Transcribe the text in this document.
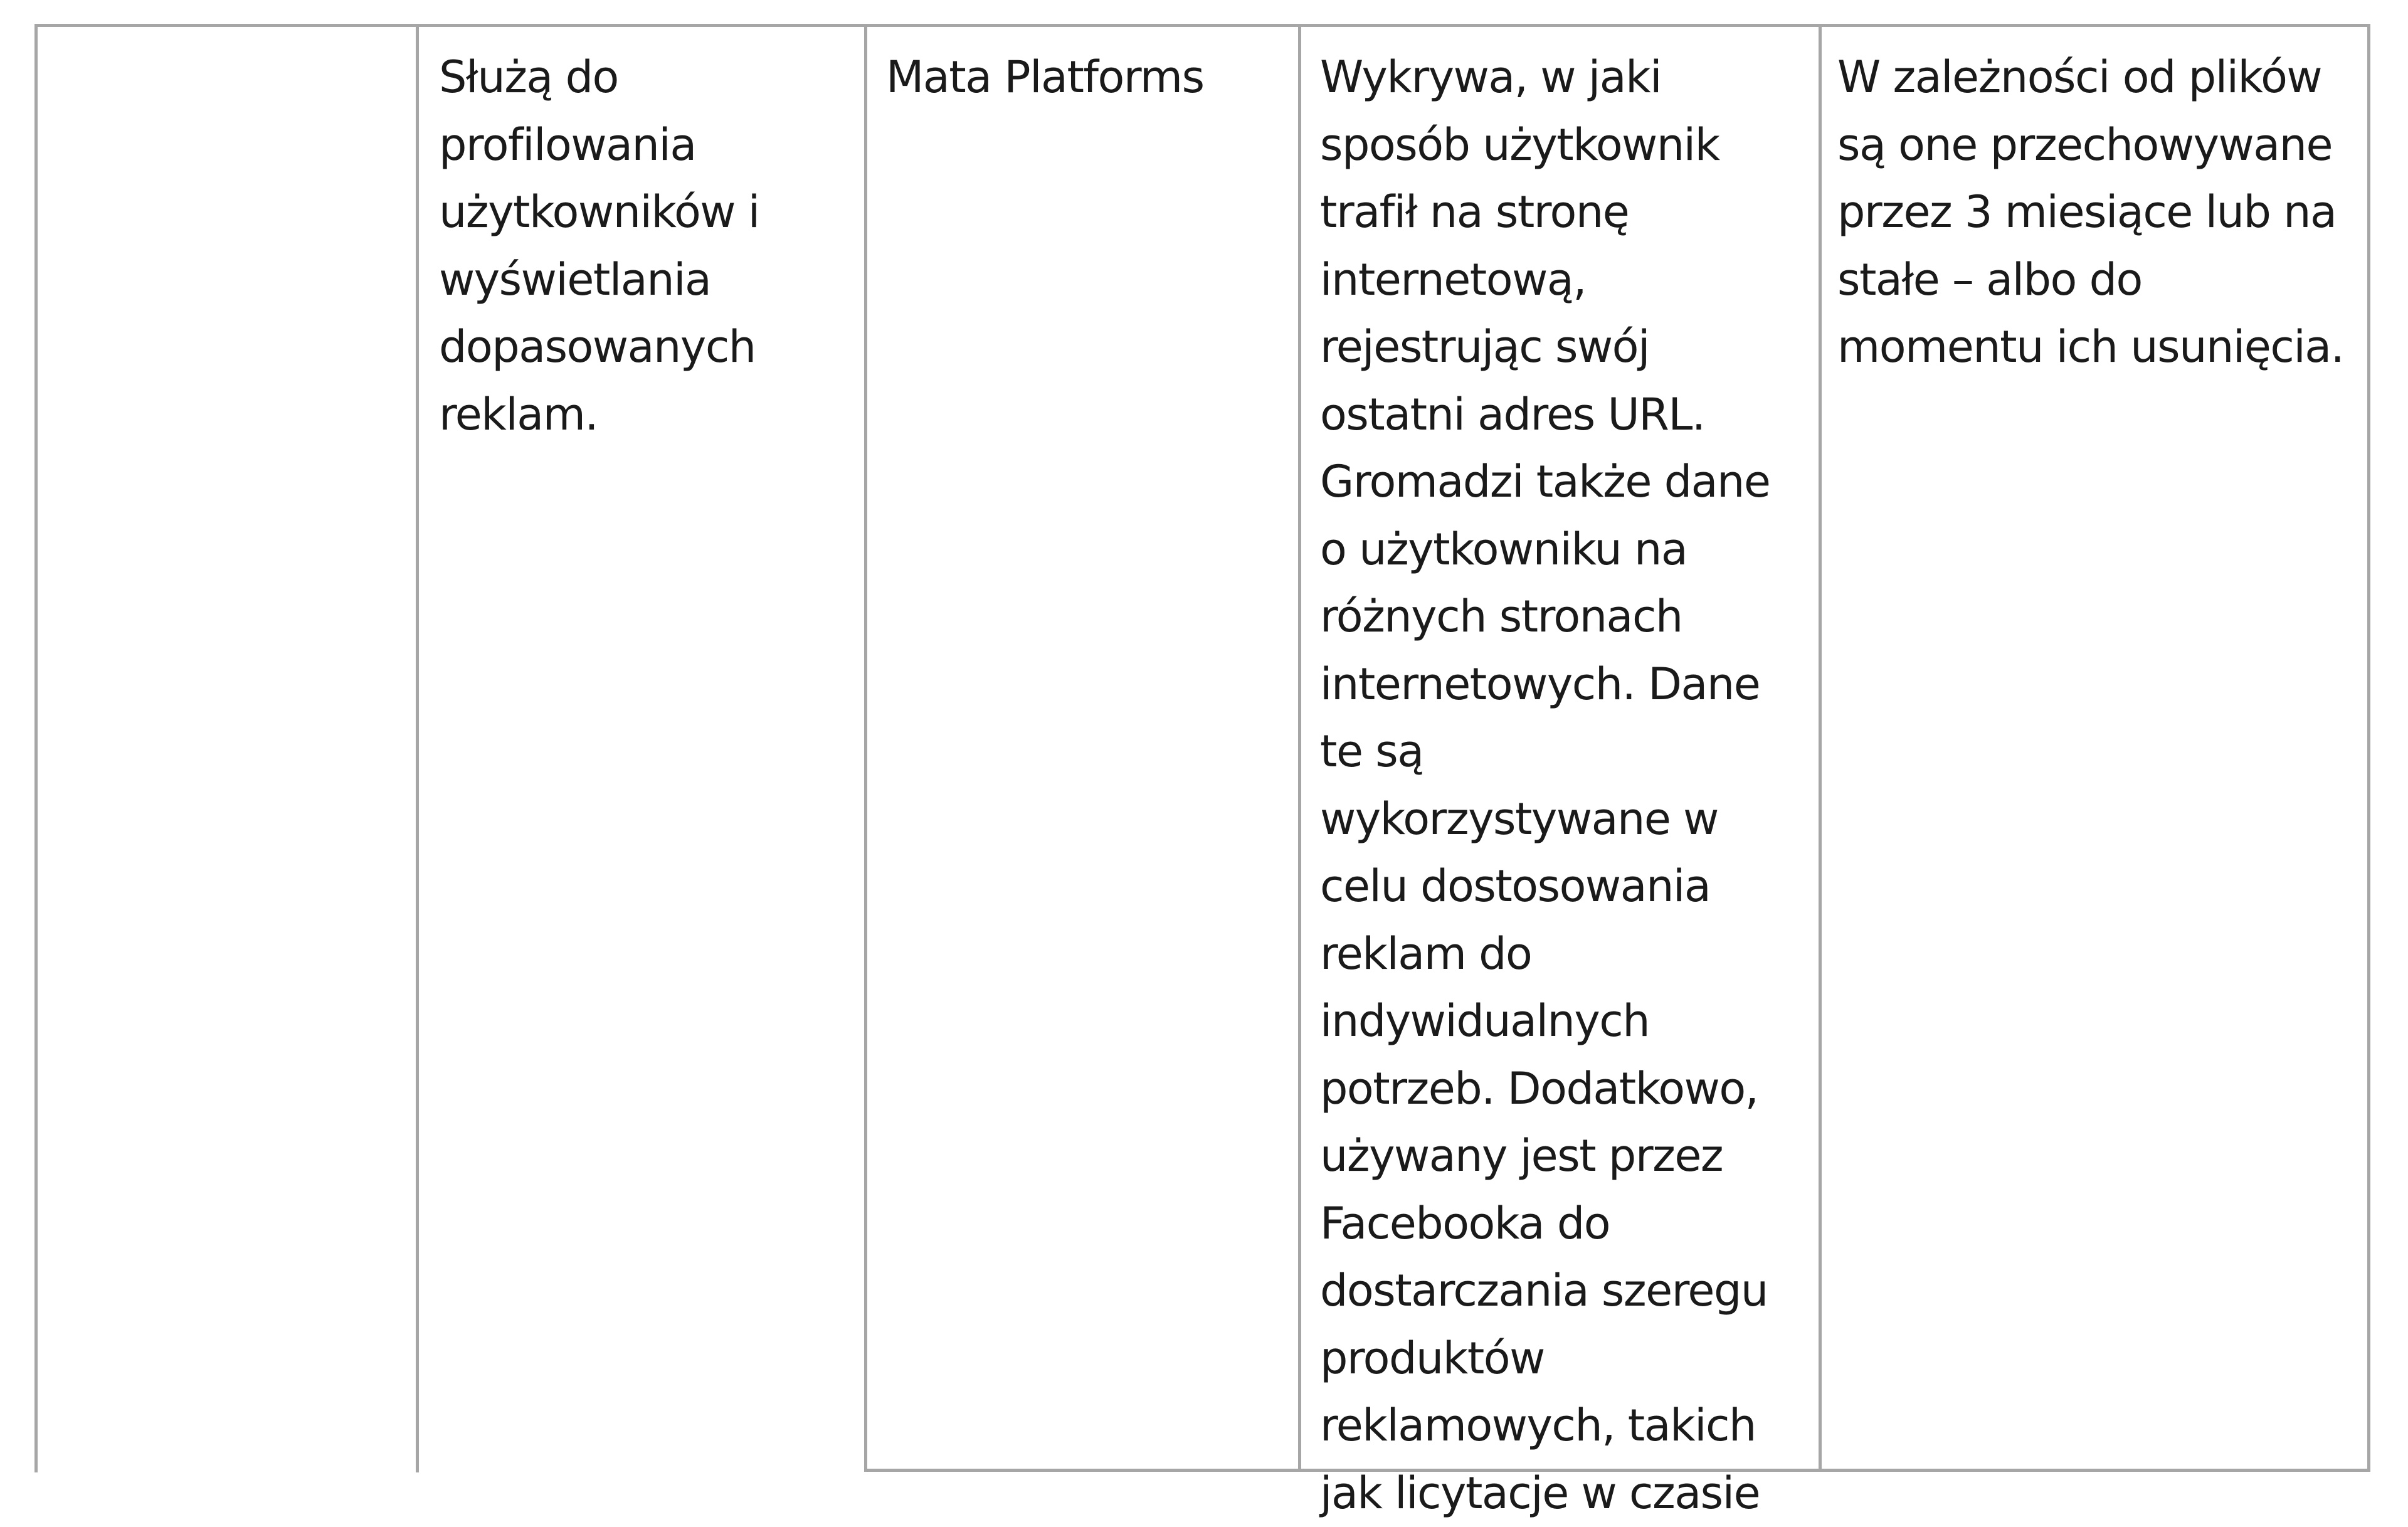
Służą do
profilowania
użytkowników i
wyświetlania
dopasowanych
reklam.
Mata Platforms	Wykrywa, w jaki
sposób użytkownik
trafił na stronę
internetową,
rejestrując swój
ostatni adres URL.
Gromadzi także dane
o użytkowniku na
różnych stronach
internetowych. Dane
te są
wykorzystywane w
celu dostosowania
reklam do
indywidualnych
potrzeb. Dodatkowo,
używany jest przez
Facebooka do
dostarczania szeregu
produktów
reklamowych, takich
jak licytacje w czasie
W zależności od plików
są one przechowywane
przez 3 miesiące lub na
stałe – albo do
momentu ich usunięcia.
